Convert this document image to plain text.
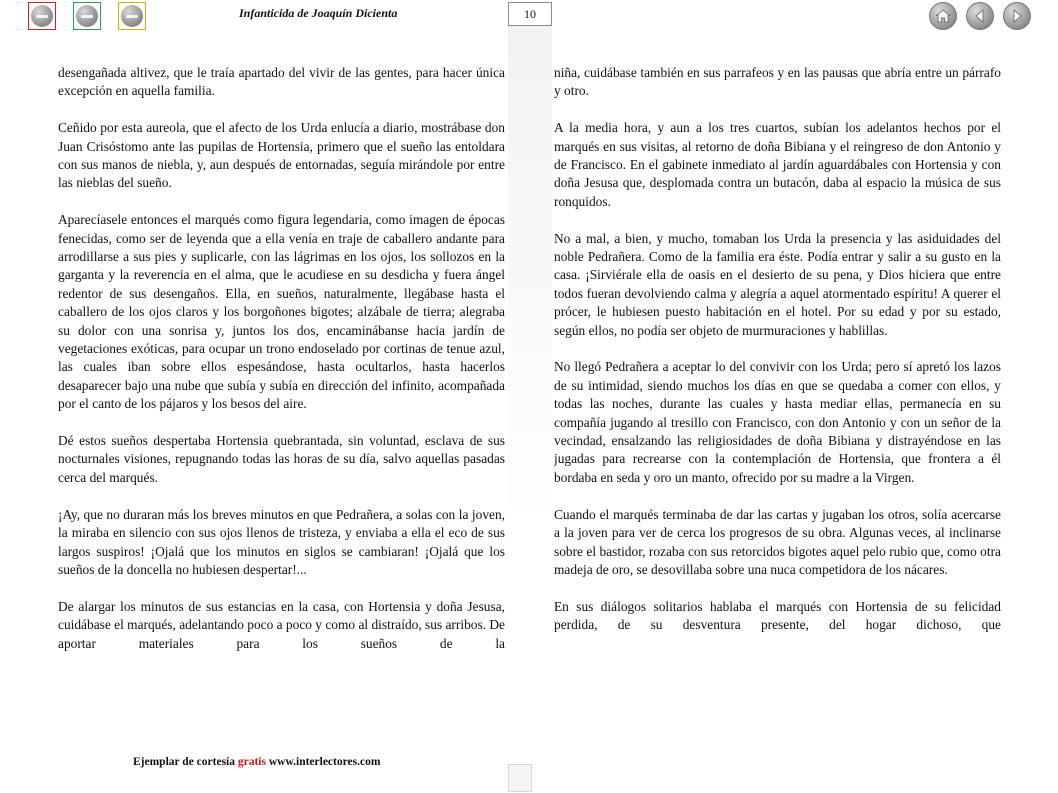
Infanticida de Joaquín Dicienta	10

desengañada altivez, que le traía apartado del vivir de las gentes, para hacer única excepción en aquella familia.

Ceñido por esta aureola, que el afecto de los Urda enlucía a diario, mostrábase don Juan Crisóstomo ante las pupilas de Hortensia, primero que el sueño las entoldara con sus manos de niebla, y, aun después de entornadas, seguía mirándole por entre las nieblas del sueño.

Aparecíasele entonces el marqués como figura legendaria, como imagen de épocas fenecidas, como ser de leyenda que a ella venía en traje de caballero andante para arrodillarse a sus pies y suplicarle, con las lágrimas en los ojos, los sollozos en la garganta y la reverencia en el alma, que le acudiese en su desdicha y fuera ángel redentor de sus desengaños. Ella, en sueños, naturalmente, llegábase hasta el caballero de los ojos claros y los borgoñones bigotes; alzábale de tierra; alegraba su dolor con una sonrisa y, juntos los dos, encaminábanse hacia jardín de vegetaciones exóticas, para ocupar un trono endoselado por cortinas de tenue azul, las cuales iban sobre ellos espesándose, hasta ocultarlos, hasta hacerlos desaparecer bajo una nube que subía y subía en dirección del infinito, acompañada por el canto de los pájaros y los besos del aire.

Dé estos sueños despertaba Hortensia quebrantada, sin voluntad, esclava de sus nocturnales visiones, repugnando todas las horas de su día, salvo aquellas pasadas cerca del marqués.

¡Ay, que no duraran más los breves minutos en que Pedrañera, a solas con la joven, la miraba en silencio con sus ojos llenos de tristeza, y enviaba a ella el eco de sus largos suspiros! ¡Ojalá que los minutos en siglos se cambiaran! ¡Ojalá que los sueños de la doncella no hubiesen despertar!...

De alargar los minutos de sus estancias en la casa, con Hortensia y doña Jesusa, cuidábase el marqués, adelantando poco a poco y como al distraído, sus arribos. De aportar materiales para los sueños de la

niña, cuidábase también en sus parrafeos y en las pausas que abría entre un párrafo y otro.

A la media hora, y aun a los tres cuartos, subían los adelantos hechos por el marqués en sus visitas, al retorno de doña Bibiana y el reingreso de don Antonio y de Francisco. En el gabinete inmediato al jardín aguardábales con Hortensia y con doña Jesusa que, desplomada contra un butacón, daba al espacio la música de sus ronquidos.

No a mal, a bien, y mucho, tomaban los Urda la presencia y las asiduidades del noble Pedrañera. Como de la familia era éste. Podía entrar y salir a su gusto en la casa. ¡Sirviérale ella de oasis en el desierto de su pena, y Dios hiciera que entre todos fueran devolviendo calma y alegría a aquel atormentado espíritu! A querer el prócer, le hubiesen puesto habitación en el hotel. Por su edad y por su estado, según ellos, no podía ser objeto de murmuraciones y hablillas.

No llegó Pedrañera a aceptar lo del convivir con los Urda; pero sí apretó los lazos de su intimidad, siendo muchos los días en que se quedaba a comer con ellos, y todas las noches, durante las cuales y hasta mediar ellas, permanecía en su compañía jugando al tresillo con Francisco, con don Antonio y con un señor de la vecindad, ensalzando las religiosidades de doña Bibiana y distrayéndose en las jugadas para recrearse con la contemplación de Hortensia, que frontera a él bordaba en seda y oro un manto, ofrecido por su madre a la Virgen.

Cuando el marqués terminaba de dar las cartas y jugaban los otros, solía acercarse a la joven para ver de cerca los progresos de su obra. Algunas veces, al inclinarse sobre el bastidor, rozaba con sus retorcidos bigotes aquel pelo rubio que, como otra madeja de oro, se desovillaba sobre una nuca competidora de los nácares.

En sus diálogos solitarios hablaba el marqués con Hortensia de su felicidad perdida, de su desventura presente, del hogar dichoso, que

Ejemplar de cortesía gratis www.interlectores.com
